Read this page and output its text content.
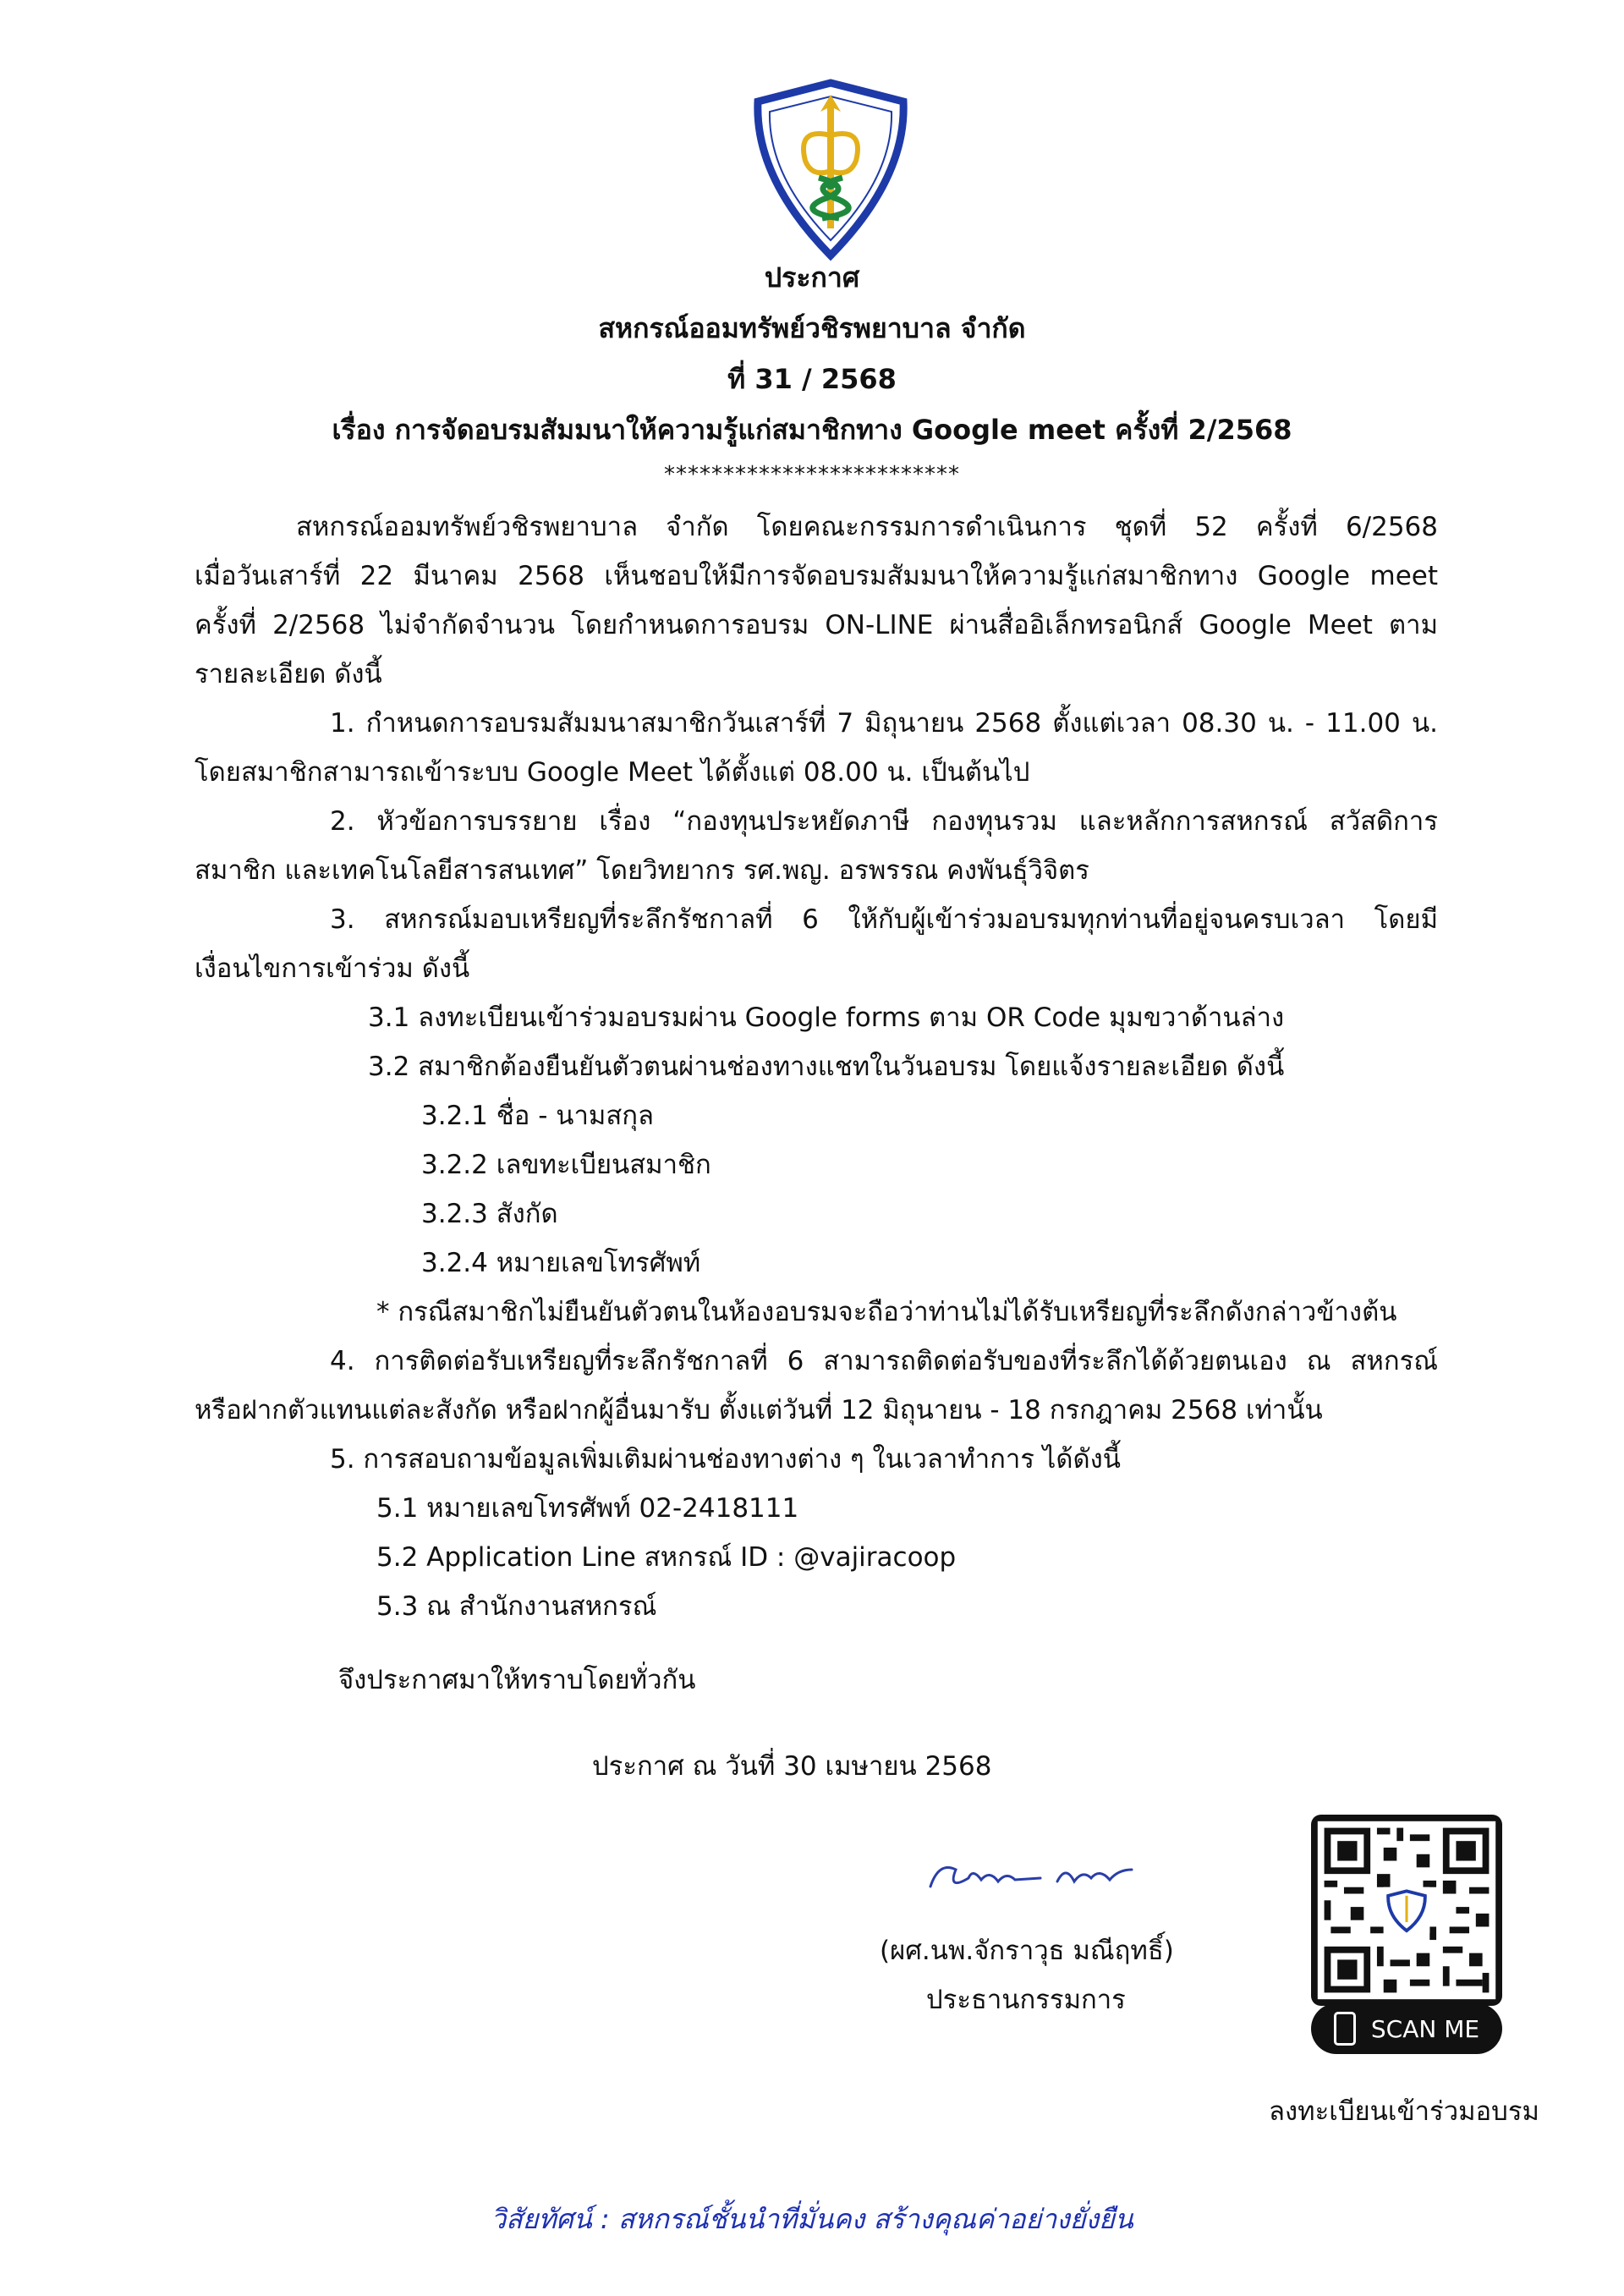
ประกาศ
สหกรณ์ออมทรัพย์วชิรพยาบาล จำกัด
ที่ 31 / 2568
เรื่อง การจัดอบรมสัมมนาให้ความรู้แก่สมาชิกทาง Google meet ครั้งที่ 2/2568
*************************

สหกรณ์ออมทรัพย์วชิรพยาบาล จำกัด โดยคณะกรรมการดำเนินการ ชุดที่ 52 ครั้งที่ 6/2568

เมื่อวันเสาร์ที่ 22 มีนาคม 2568 เห็นชอบให้มีการจัดอบรมสัมมนาให้ความรู้แก่สมาชิกทาง Google meet

ครั้งที่ 2/2568 ไม่จำกัดจำนวน โดยกำหนดการอบรม ON-LINE ผ่านสื่ออิเล็กทรอนิกส์ Google Meet ตาม

รายละเอียด ดังนี้

1. กำหนดการอบรมสัมมนาสมาชิกวันเสาร์ที่ 7 มิถุนายน 2568 ตั้งแต่เวลา 08.30 น. - 11.00 น.

โดยสมาชิกสามารถเข้าระบบ Google Meet ได้ตั้งแต่ 08.00 น. เป็นต้นไป

2. หัวข้อการบรรยาย เรื่อง “กองทุนประหยัดภาษี กองทุนรวม และหลักการสหกรณ์ สวัสดิการ

สมาชิก และเทคโนโลยีสารสนเทศ” โดยวิทยากร รศ.พญ. อรพรรณ คงพันธุ์วิจิตร

3. สหกรณ์มอบเหรียญที่ระลึกรัชกาลที่ 6 ให้กับผู้เข้าร่วมอบรมทุกท่านที่อยู่จนครบเวลา โดยมี

เงื่อนไขการเข้าร่วม ดังนี้

3.1 ลงทะเบียนเข้าร่วมอบรมผ่าน Google forms ตาม OR Code มุมขวาด้านล่าง

3.2 สมาชิกต้องยืนยันตัวตนผ่านช่องทางแชทในวันอบรม โดยแจ้งรายละเอียด ดังนี้

3.2.1 ชื่อ - นามสกุล

3.2.2 เลขทะเบียนสมาชิก

3.2.3 สังกัด

3.2.4 หมายเลขโทรศัพท์

* กรณีสมาชิกไม่ยืนยันตัวตนในห้องอบรมจะถือว่าท่านไม่ได้รับเหรียญที่ระลึกดังกล่าวข้างต้น

4. การติดต่อรับเหรียญที่ระลึกรัชกาลที่ 6 สามารถติดต่อรับของที่ระลึกได้ด้วยตนเอง ณ สหกรณ์

หรือฝากตัวแทนแต่ละสังกัด หรือฝากผู้อื่นมารับ ตั้งแต่วันที่ 12 มิถุนายน - 18 กรกฎาคม 2568 เท่านั้น

5. การสอบถามข้อมูลเพิ่มเติมผ่านช่องทางต่าง ๆ ในเวลาทำการ ได้ดังนี้

5.1 หมายเลขโทรศัพท์ 02-2418111

5.2 Application Line สหกรณ์ ID : @vajiracoop

5.3 ณ สำนักงานสหกรณ์

จึงประกาศมาให้ทราบโดยทั่วกัน
ประกาศ ณ วันที่ 30 เมษายน 2568
(ผศ.นพ.จักราวุธ มณีฤทธิ์)
ประธานกรรมการ
SCAN ME
ลงทะเบียนเข้าร่วมอบรม
วิสัยทัศน์ : สหกรณ์ชั้นนำที่มั่นคง สร้างคุณค่าอย่างยั่งยืน
